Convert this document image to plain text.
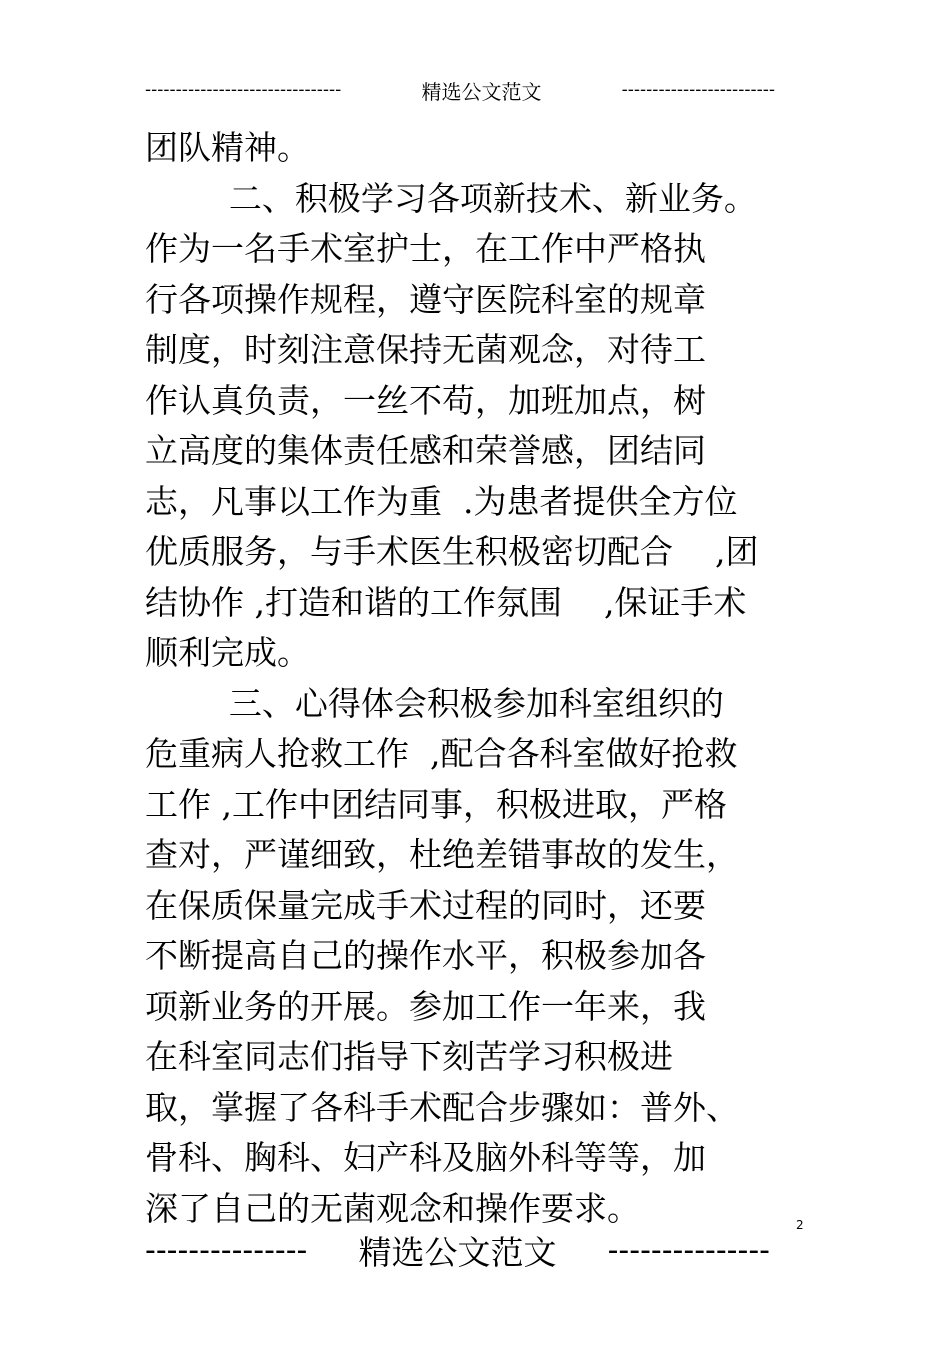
--------------------------------	精选公文范文	-------------------------
团队精神。
二、积极学习各项新技术、新业务。
作为一名手术室护士，在工作中严格执
行各项操作规程，遵守医院科室的规章
制度，时刻注意保持无菌观念，对待工
作认真负责，一丝不苟，加班加点，树
立高度的集体责任感和荣誉感，团结同
志，凡事以工作为重  .为患者提供全方位
优质服务，与手术医生积极密切配合    ,团
结协作 ,打造和谐的工作氛围    ,保证手术
顺利完成。
三、心得体会积极参加科室组织的
危重病人抢救工作  ,配合各科室做好抢救
工作 ,工作中团结同事，积极进取，严格
查对，严谨细致，杜绝差错事故的发生，
在保质保量完成手术过程的同时，还要
不断提高自己的操作水平，积极参加各
项新业务的开展。参加工作一年来，我
在科室同志们指导下刻苦学习积极进
取，掌握了各科手术配合步骤如：普外、
骨科、胸科、妇产科及脑外科等等，加
深了自己的无菌观念和操作要求。	2
---------------	精选公文范文	---------------
